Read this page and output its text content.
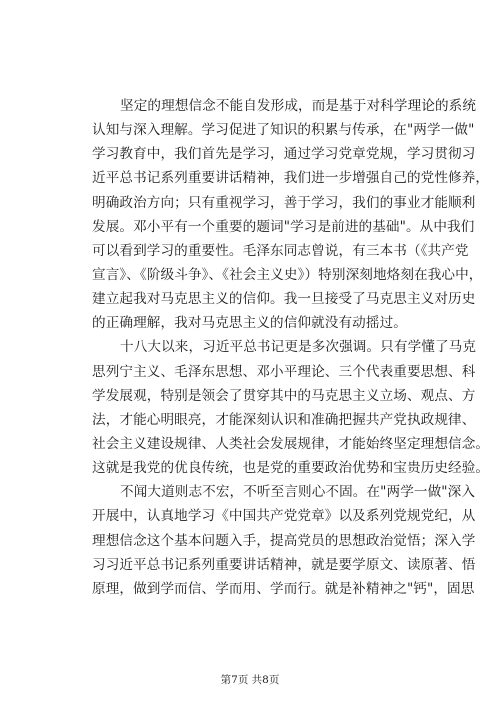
坚定的理想信念不能自发形成，而是基于对科学理论的系统
认知与深入理解。学习促进了知识的积累与传承，在"两学一做"
学习教育中，我们首先是学习，通过学习党章党规，学习贯彻习
近平总书记系列重要讲话精神，我们进一步增强自己的党性修养，
明确政治方向；只有重视学习，善于学习，我们的事业才能顺利
发展。邓小平有一个重要的题词"学习是前进的基础"。从中我们
可以看到学习的重要性。毛泽东同志曾说，有三本书（《共产党
宣言》、《阶级斗争》、《社会主义史》）特别深刻地烙刻在我心中，
建立起我对马克思主义的信仰。我一旦接受了马克思主义对历史
的正确理解，我对马克思主义的信仰就没有动摇过。
十八大以来，习近平总书记更是多次强调。只有学懂了马克
思列宁主义、毛泽东思想、邓小平理论、三个代表重要思想、科
学发展观，特别是领会了贯穿其中的马克思主义立场、观点、方
法，才能心明眼亮，才能深刻认识和准确把握共产党执政规律、
社会主义建设规律、人类社会发展规律，才能始终坚定理想信念。
这就是我党的优良传统，也是党的重要政治优势和宝贵历史经验。
不闻大道则志不宏，不听至言则心不固。在"两学一做"深入
开展中，认真地学习《中国共产党党章》以及系列党规党纪，从
理想信念这个基本问题入手，提高党员的思想政治觉悟；深入学
习习近平总书记系列重要讲话精神，就是要学原文、读原著、悟
原理，做到学而信、学而用、学而行。就是补精神之"钙"，固思
第7页 共8页
